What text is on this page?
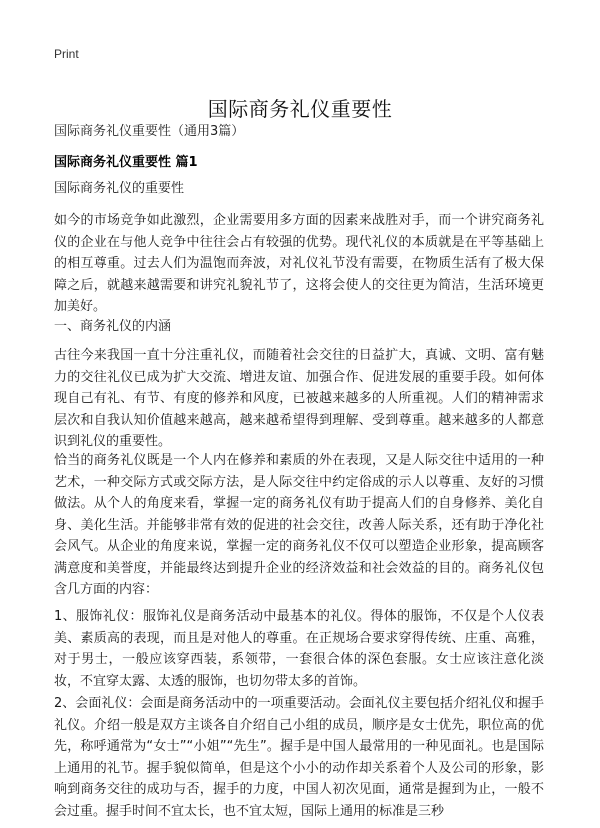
Print
国际商务礼仪重要性
国际商务礼仪重要性（通用3篇）
国际商务礼仪重要性 篇1

国际商务礼仪的重要性

如今的市场竞争如此激烈，企业需要用多方面的因素来战胜对手，而一个讲究商务礼仪的企业在与他人竞争中往往会占有较强的优势。现代礼仪的本质就是在平等基础上的相互尊重。过去人们为温饱而奔波，对礼仪礼节没有需要，在物质生活有了极大保障之后，就越来越需要和讲究礼貌礼节了，这将会使人的交往更为简洁，生活环境更加美好。

一、商务礼仪的内涵

古往今来我国一直十分注重礼仪，而随着社会交往的日益扩大，真诚、文明、富有魅力的交往礼仪已成为扩大交流、增进友谊、加强合作、促进发展的重要手段。如何体现自己有礼、有节、有度的修养和风度，已被越来越多的人所重视。人们的精神需求层次和自我认知价值越来越高，越来越希望得到理解、受到尊重。越来越多的人都意识到礼仪的重要性。

恰当的商务礼仪既是一个人内在修养和素质的外在表现，又是人际交往中适用的一种艺术，一种交际方式或交际方法，是人际交往中约定俗成的示人以尊重、友好的习惯做法。从个人的角度来看，掌握一定的商务礼仪有助于提高人们的自身修养、美化自身、美化生活。并能够非常有效的促进的社会交往，改善人际关系，还有助于净化社会风气。从企业的角度来说，掌握一定的商务礼仪不仅可以塑造企业形象，提高顾客满意度和美誉度，并能最终达到提升企业的经济效益和社会效益的目的。商务礼仪包含几方面的内容：

1、服饰礼仪：服饰礼仪是商务活动中最基本的礼仪。得体的服饰，不仅是个人仪表美、素质高的表现，而且是对他人的尊重。在正规场合要求穿得传统、庄重、高雅，对于男士，一般应该穿西装，系领带，一套很合体的深色套服。女士应该注意化淡妆，不宜穿太露、太透的服饰，也切勿带太多的首饰。

2、会面礼仪：会面是商务活动中的一项重要活动。会面礼仪主要包括介绍礼仪和握手礼仪。介绍一般是双方主谈各自介绍自己小组的成员，顺序是女士优先，职位高的优先，称呼通常为“女士”“小姐”“先生”。握手是中国人最常用的一种见面礼。也是国际上通用的礼节。握手貌似简单，但是这个小小的动作却关系着个人及公司的形象，影响到商务交往的成功与否，握手的力度，中国人初次见面，通常是握到为止，一般不会过重。握手时间不宜太长，也不宜太短，国际上通用的标准是三秒
